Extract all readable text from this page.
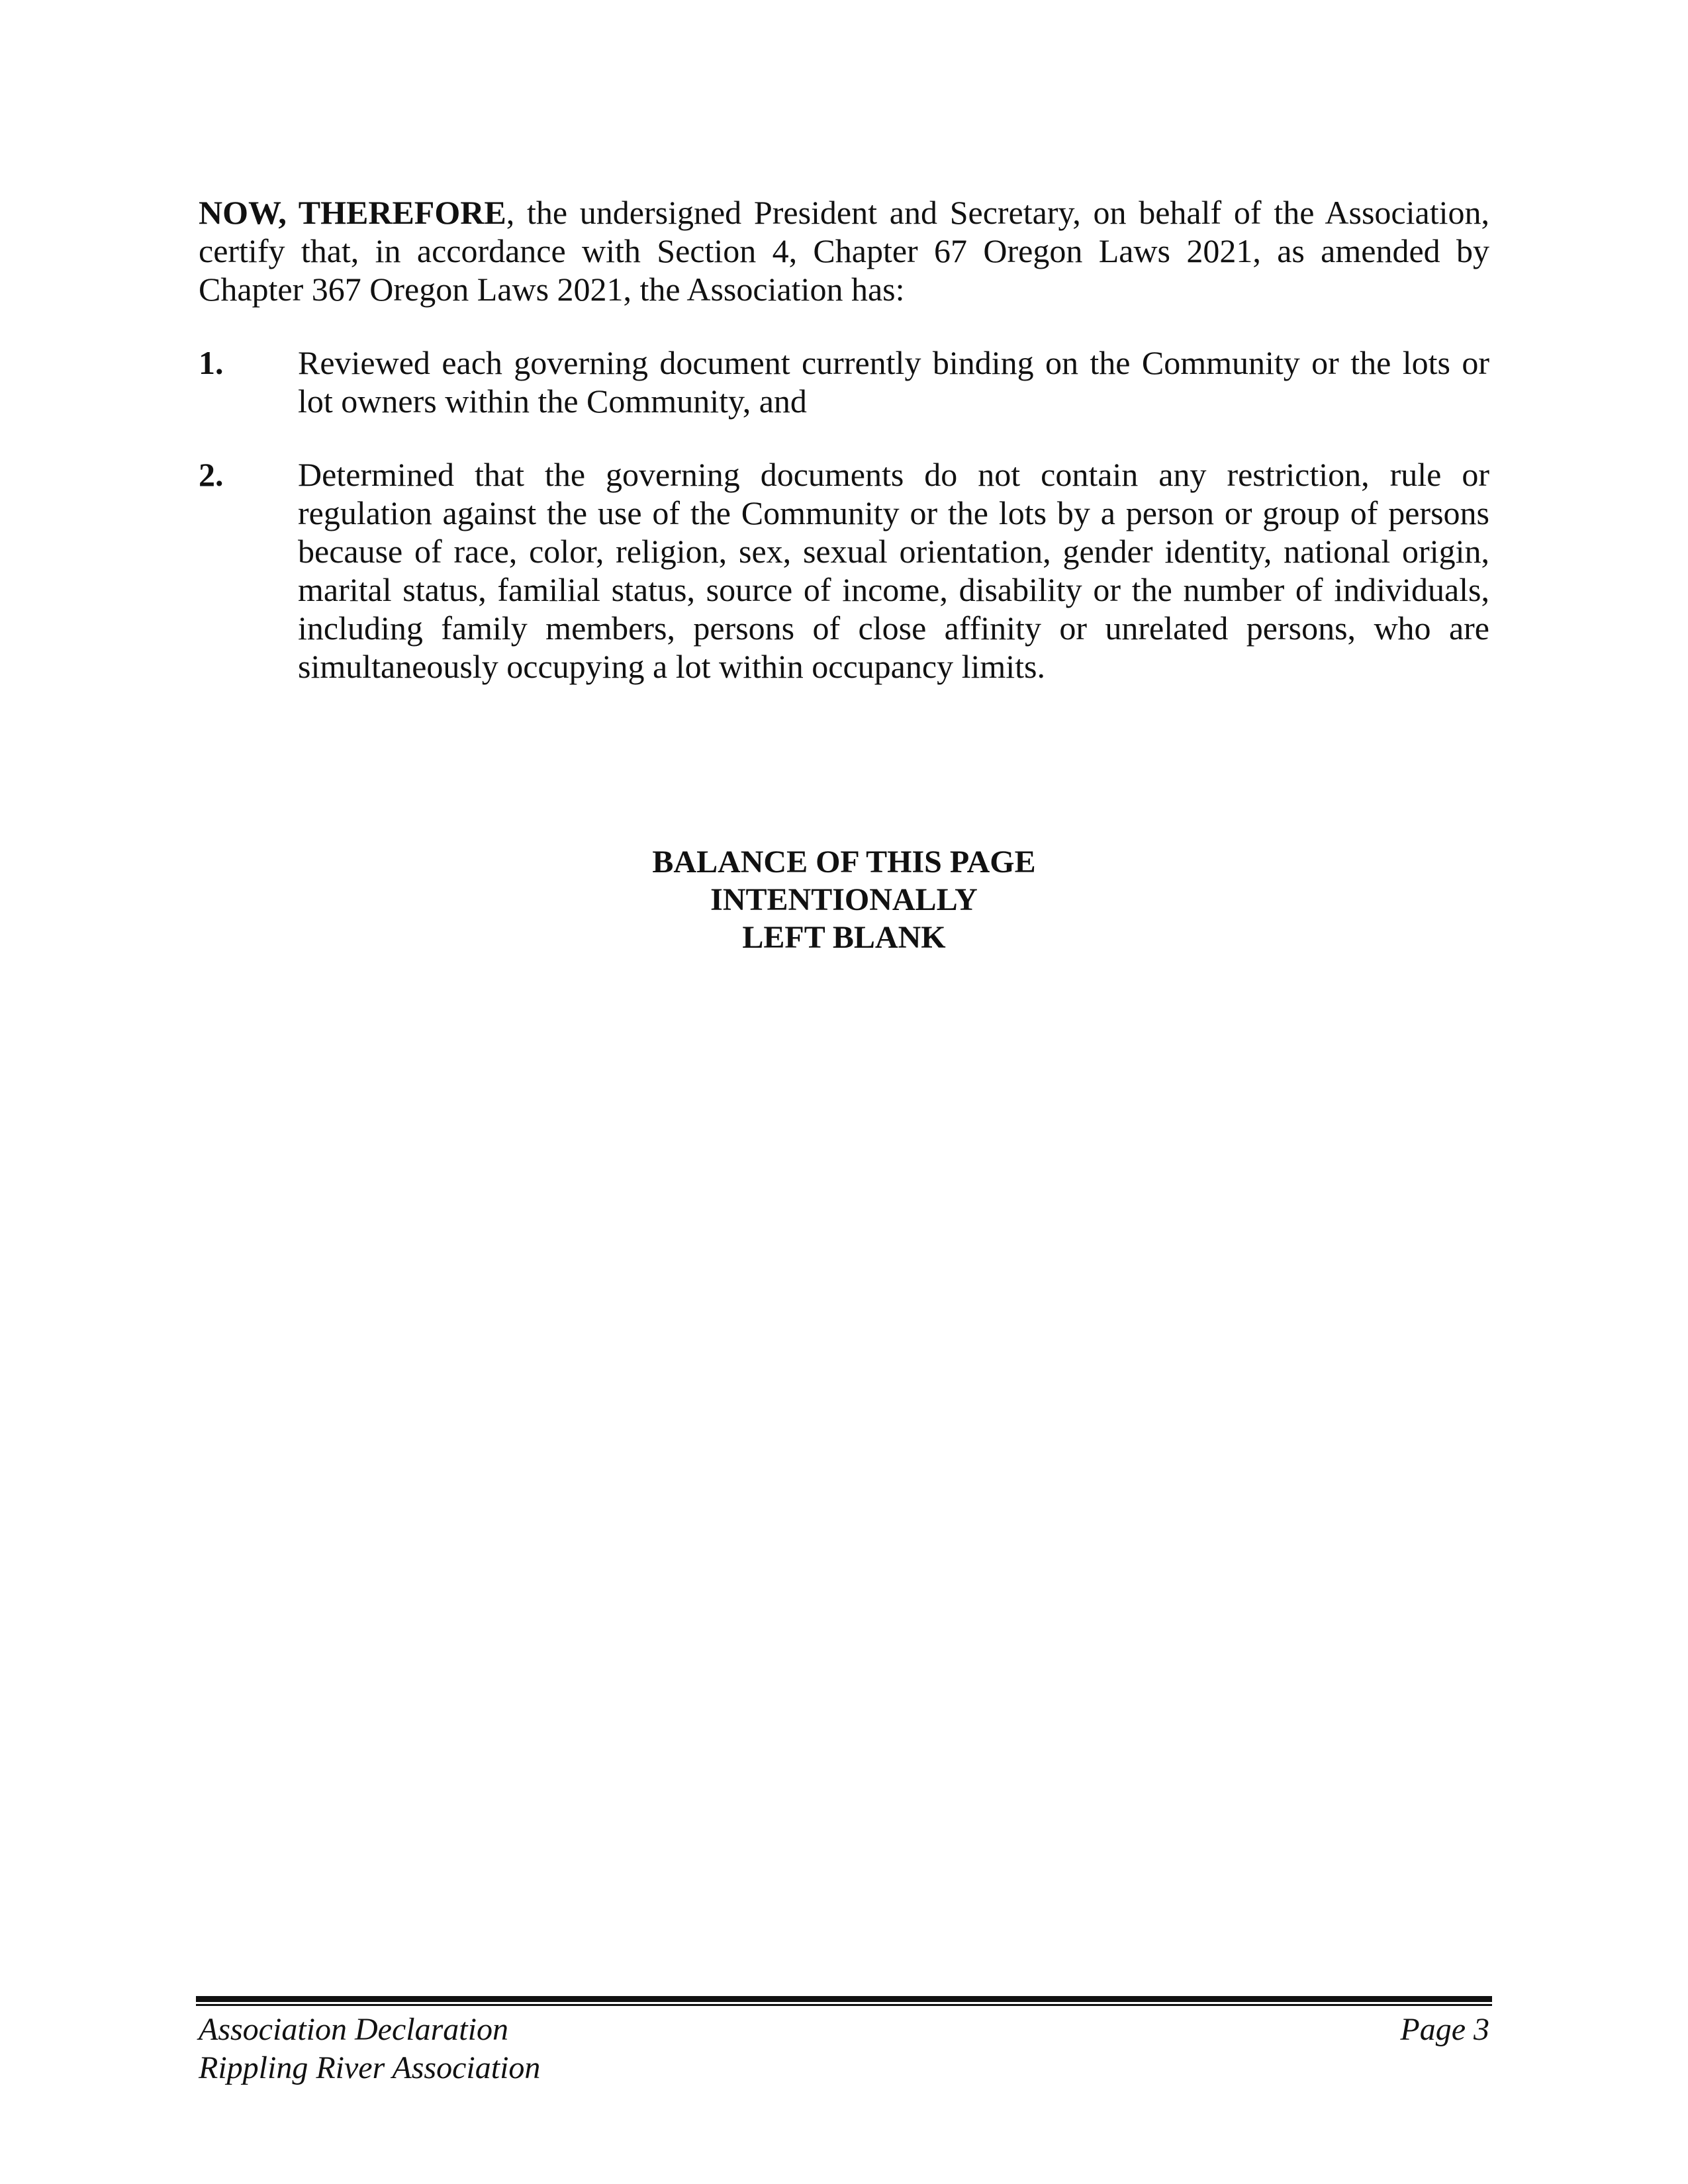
NOW, THEREFORE, the undersigned President and Secretary, on behalf of the Association, certify that, in accordance with Section 4, Chapter 67 Oregon Laws 2021, as amended by Chapter 367 Oregon Laws 2021, the Association has:

1. Reviewed each governing document currently binding on the Community or the lots or lot owners within the Community, and

2. Determined that the governing documents do not contain any restriction, rule or regulation against the use of the Community or the lots by a person or group of persons because of race, color, religion, sex, sexual orientation, gender identity, national origin, marital status, familial status, source of income, disability or the number of individuals, including family members, persons of close affinity or unrelated persons, who are simultaneously occupying a lot within occupancy limits.

BALANCE OF THIS PAGE
INTENTIONALLY
LEFT BLANK
Association Declaration
Rippling River Association
Page 3
